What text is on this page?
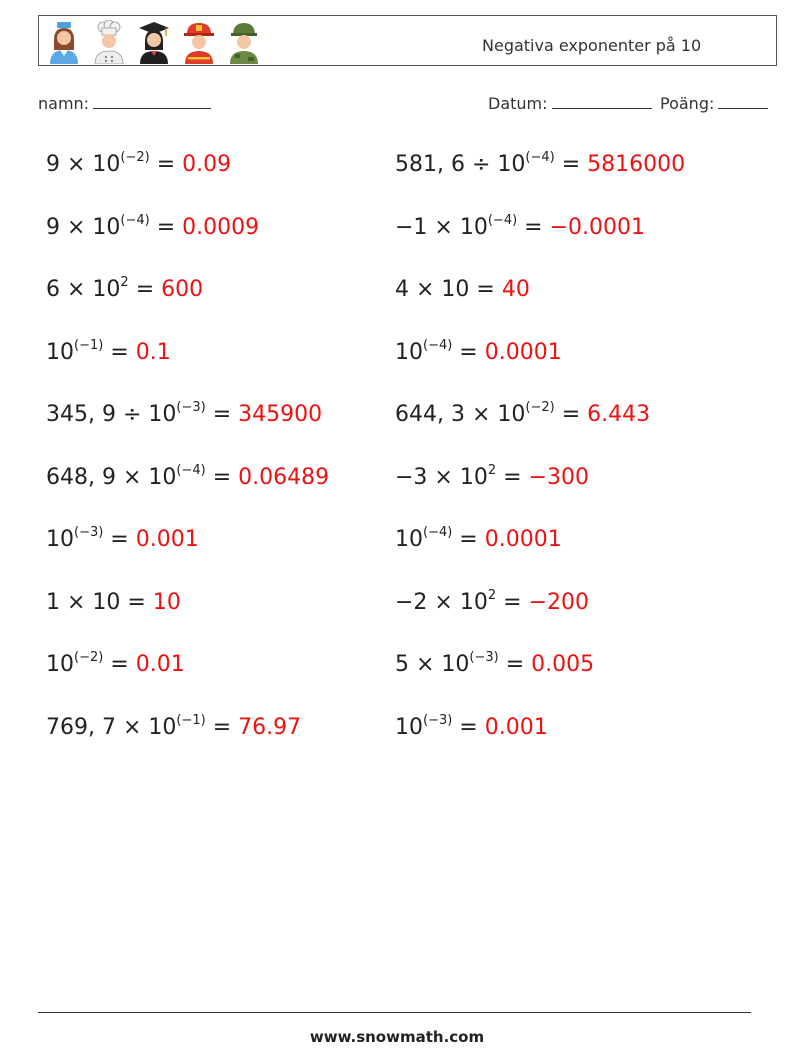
Negativa exponenter på 10
namn:	Datum:	Poäng:
$9 \times 10^{(-2)} = 0.09$	581, $6 \div 10^{(-4)} = 5816000$
$9 \times 10^{(-4)} = 0.0009$	$-1 \times 10^{(-4)} = -0.0001$
$6 \times 10^2 = 600$	4 × 10 = 40
$10^{(-1)} = 0.1$	$10^{(-4)} = 0.0001$
345, $9 \div 10^{(-3)} = 345900$	644, $3 \times 10^{(-2)} = 6.443$
648, $9 \times 10^{(-4)} = 0.06489$	$-3 \times 10^2 = -300$
$10^{(-3)} = 0.001$	$10^{(-4)} = 0.0001$
1 × 10 = 10	$-2 \times 10^2 = -200$
$10^{(-2)} = 0.01$	$5 \times 10^{(-3)} = 0.005$
769, $7 \times 10^{(-1)} = 76.97$	$10^{(-3)} = 0.001$
www.snowmath.com
